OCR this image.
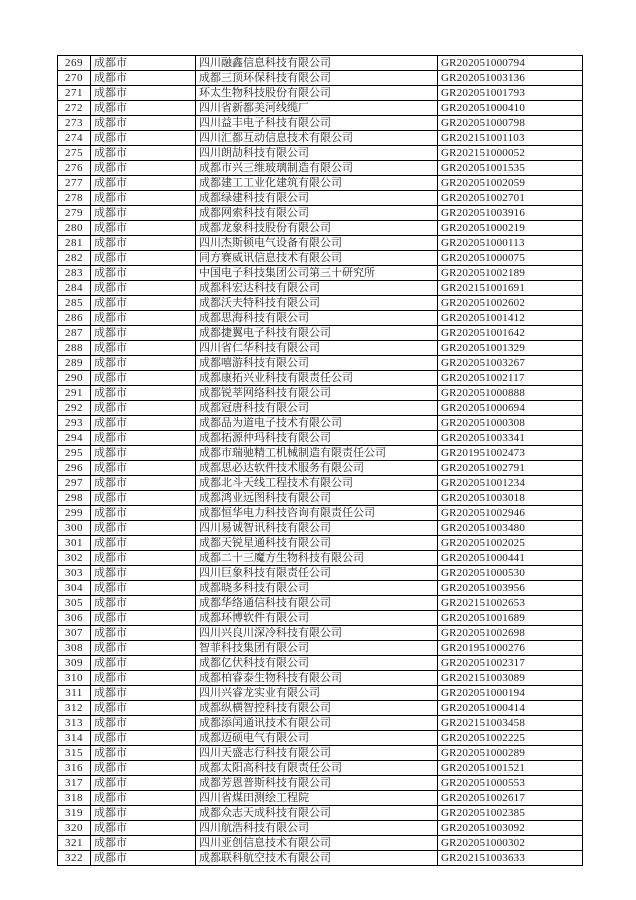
269	成都市	四川融鑫信息科技有限公司	GR202051000794
270	成都市	成都三顶环保科技有限公司	GR202051003136
271	成都市	环太生物科技股份有限公司	GR202051001793
272	成都市	四川省新都美河线缆厂	GR202051000410
273	成都市	四川益丰电子科技有限公司	GR202051000798
274	成都市	四川汇都互动信息技术有限公司	GR202151001103
275	成都市	四川朗劼科技有限公司	GR202151000052
276	成都市	成都市兴三维玻璃制造有限公司	GR202051001535
277	成都市	成都建工工业化建筑有限公司	GR202051002059
278	成都市	成都绿建科技有限公司	GR202051002701
279	成都市	成都网索科技有限公司	GR202051003916
280	成都市	成都龙象科技股份有限公司	GR202051000219
281	成都市	四川杰斯顿电气设备有限公司	GR202051000113
282	成都市	同方赛威讯信息技术有限公司	GR202051000075
283	成都市	中国电子科技集团公司第三十研究所	GR202051002189
284	成都市	成都科宏达科技有限公司	GR202151001691
285	成都市	成都沃夫特科技有限公司	GR202051002602
286	成都市	成都思海科技有限公司	GR202051001412
287	成都市	成都捷翼电子科技有限公司	GR202051001642
288	成都市	四川省仁华科技有限公司	GR202051001329
289	成都市	成都嘻游科技有限公司	GR202051003267
290	成都市	成都康拓兴业科技有限责任公司	GR202051002117
291	成都市	成都锐莘网络科技有限公司	GR202051000888
292	成都市	成都冠唐科技有限公司	GR202051000694
293	成都市	成都品为道电子技术有限公司	GR202051000308
294	成都市	成都拓源仲玛科技有限公司	GR202051003341
295	成都市	成都市瑞驰精工机械制造有限责任公司	GR201951002473
296	成都市	成都思必达软件技术服务有限公司	GR202051002791
297	成都市	成都北斗天线工程技术有限公司	GR202051001234
298	成都市	成都鸿业远图科技有限公司	GR202051003018
299	成都市	成都恒华电力科技咨询有限责任公司	GR202051002946
300	成都市	四川易诚智讯科技有限公司	GR202051003480
301	成都市	成都天锐星通科技有限公司	GR202051002025
302	成都市	成都二十三魔方生物科技有限公司	GR202051000441
303	成都市	四川巨象科技有限责任公司	GR202051000530
304	成都市	成都晓多科技有限公司	GR202051003956
305	成都市	成都华络通信科技有限公司	GR202151002653
306	成都市	成都环博软件有限公司	GR202051001689
307	成都市	四川兴良川深冷科技有限公司	GR202051002698
308	成都市	智菲科技集团有限公司	GR201951000276
309	成都市	成都亿伏科技有限公司	GR202051002317
310	成都市	成都柏睿泰生物科技有限公司	GR202151003089
311	成都市	四川兴睿龙实业有限公司	GR202051000194
312	成都市	成都纵横智控科技有限公司	GR202051000414
313	成都市	成都添闰通讯技术有限公司	GR202151003458
314	成都市	成都迈硕电气有限公司	GR202051002225
315	成都市	四川天盛志行科技有限公司	GR202051000289
316	成都市	成都太阳高科技有限责任公司	GR202051001521
317	成都市	成都芳恩普斯科技有限公司	GR202051000553
318	成都市	四川省煤田测绘工程院	GR202051002617
319	成都市	成都众志天成科技有限公司	GR202051002385
320	成都市	四川航浩科技有限公司	GR202051003092
321	成都市	四川亚创信息技术有限公司	GR202051000302
322	成都市	成都联科航空技术有限公司	GR202151003633
